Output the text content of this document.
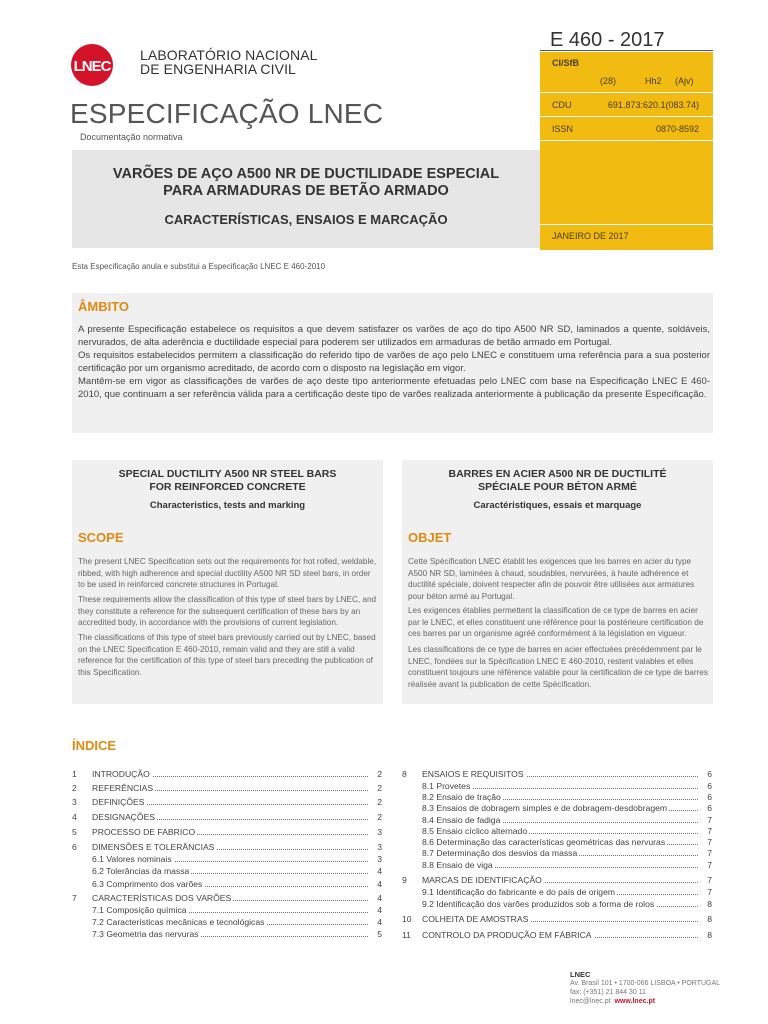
LNEC
LABORATÓRIO NACIONAL
DE ENGENHARIA CIVIL
ESPECIFICAÇÃO LNEC
Documentação normativa
E 460 - 2017
CI/SfB
(28)	Hh2 (Ajv)
CDU	691.873:620.1(083.74)
ISSN	0870-8592
JANEIRO DE 2017
VARÕES DE AÇO A500 NR DE DUCTILIDADE ESPECIAL
PARA ARMADURAS DE BETÃO ARMADO
CARACTERÍSTICAS, ENSAIOS E MARCAÇÃO
Esta Especificação anula e substitui a Especificação LNEC E 460-2010
ÂMBITO
A presente Especificação estabelece os requisitos a que devem satisfazer os varões de aço do tipo A500 NR SD, laminados a quente, soldáveis, nervurados, de alta aderência e ductilidade especial para poderem ser utilizados em armaduras de betão armado em Portugal.
Os requisitos estabelecidos permitem a classificação do referido tipo de varões de aço pelo LNEC e constituem uma referência para a sua posterior certificação por um organismo acreditado, de acordo com o disposto na legislação em vigor.
Mantêm-se em vigor as classificações de varões de aço deste tipo anteriormente efetuadas pelo LNEC com base na Especificação LNEC E 460-2010, que continuam a ser referência válida para a certificação deste tipo de varões realizada anteriormente à publicação da presente Especificação.
SPECIAL DUCTILITY A500 NR STEEL BARS
FOR REINFORCED CONCRETE
Characteristics, tests and marking
SCOPE
The present LNEC Specification sets out the requirements for hot rolled, weldable, ribbed, with high adherence and special ductility A500 NR SD steel bars, in order to be used in reinforced concrete structures in Portugal.
These requirements allow the classification of this type of steel bars by LNEC, and they constitute a reference for the subsequent certification of these bars by an accredited body, in accordance with the provisions of current legislation.
The classifications of this type of steel bars previously carried out by LNEC, based on the LNEC Specification E 460-2010, remain valid and they are still a valid reference for the certification of this type of steel bars preceding the publication of this Specification.
BARRES EN ACIER A500 NR DE DUCTILITÉ
SPÉCIALE POUR BÉTON ARMÉ
Caractéristiques, essais et marquage
OBJET
Cette Spécification LNEC établit les exigences que les barres en acier du type A500 NR SD, laminées à chaud, soudables, nervurées, à haute adhérence et ductilité spéciale, doivent respecter afin de pouvoir être utilisées aux armatures pour béton armé au Portugal.
Les exigences établies permettent la classification de ce type de barres en acier par le LNEC, et elles constituent une référence pour la postérieure certification de ces barres par un organisme agréé conformément à la législation en vigueur.
Les classifications de ce type de barres en acier effectuées précédemment par le LNEC, fondées sur la Spécification LNEC E 460-2010, restent valables et elles constituent toujours une référence valable pour la certification de ce type de barres réalisée avant la publication de cette Spécification.
ÍNDICE
1 INTRODUÇÃO	2
2 REFERÊNCIAS	2
3 DEFINIÇÕES	2
4 DESIGNAÇÕES	2
5 PROCESSO DE FABRICO	3
6 DIMENSÕES E TOLERÂNCIAS	3
6.1 Valores nominais	3
6.2 Tolerâncias da massa	4
6.3 Comprimento dos varões	4
7 CARACTERÍSTICAS DOS VARÕES	4
7.1 Composição química	4
7.2 Características mecânicas e tecnológicas	4
7.3 Geometria das nervuras	5
8 ENSAIOS E REQUISITOS	6
8.1 Provetes	6
8.2 Ensaio de tração	6
8.3 Ensaios de dobragem simples e de dobragem-desdobragem	6
8.4 Ensaio de fadiga	7
8.5 Ensaio cíclico alternado	7
8.6 Determinação das características geométricas das nervuras	7
8.7 Determinação dos desvios da massa	7
8.8 Ensaio de viga	7
9 MARCAS DE IDENTIFICAÇÃO	7
9.1 Identificação do fabricante e do país de origem	7
9.2 Identificação dos varões produzidos sob a forma de rolos	8
10 COLHEITA DE AMOSTRAS	8
11 CONTROLO DA PRODUÇÃO EM FÁBRICA	8
LNEC
Av. Brasil 101 • 1700-066 LISBOA • PORTUGAL
fax: (+351) 21 844 30 11
lnec@lnec.pt www.lnec.pt
